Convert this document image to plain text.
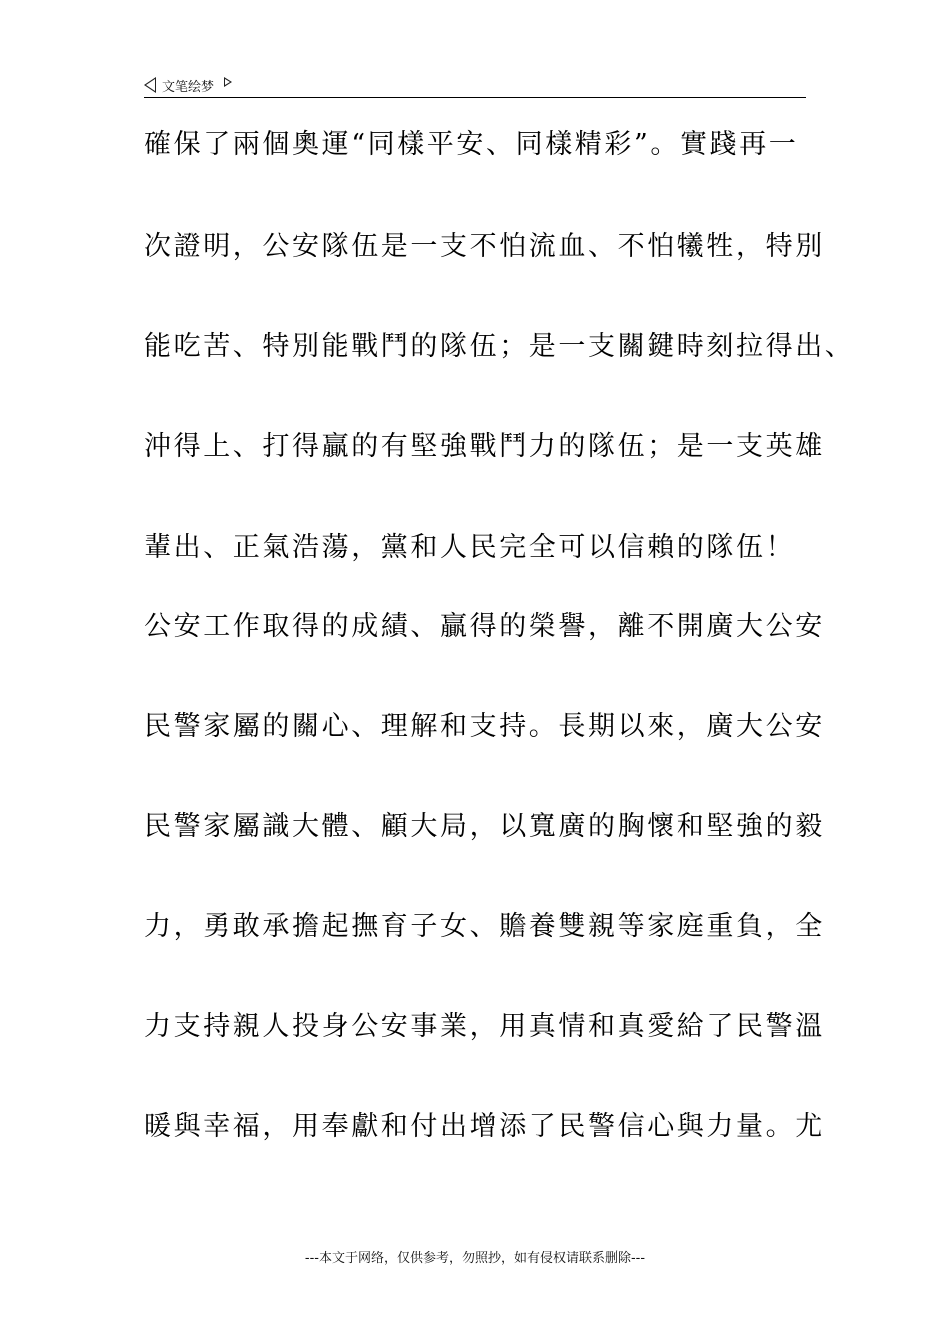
文笔绘梦
確保了兩個奧運“同樣平安、同樣精彩”。實踐再一
次證明，公安隊伍是一支不怕流血、不怕犧牲，特別
能吃苦、特別能戰鬥的隊伍；是一支關鍵時刻拉得出、
沖得上、打得贏的有堅強戰鬥力的隊伍；是一支英雄
輩出、正氣浩蕩，黨和人民完全可以信賴的隊伍！
公安工作取得的成績、贏得的榮譽，離不開廣大公安
民警家屬的關心、理解和支持。長期以來，廣大公安
民警家屬識大體、顧大局，以寬廣的胸懷和堅強的毅
力，勇敢承擔起撫育子女、贍養雙親等家庭重負，全
力支持親人投身公安事業，用真情和真愛給了民警溫
暖與幸福，用奉獻和付出增添了民警信心與力量。尤
---本文于网络，仅供参考，勿照抄，如有侵权请联系删除---
